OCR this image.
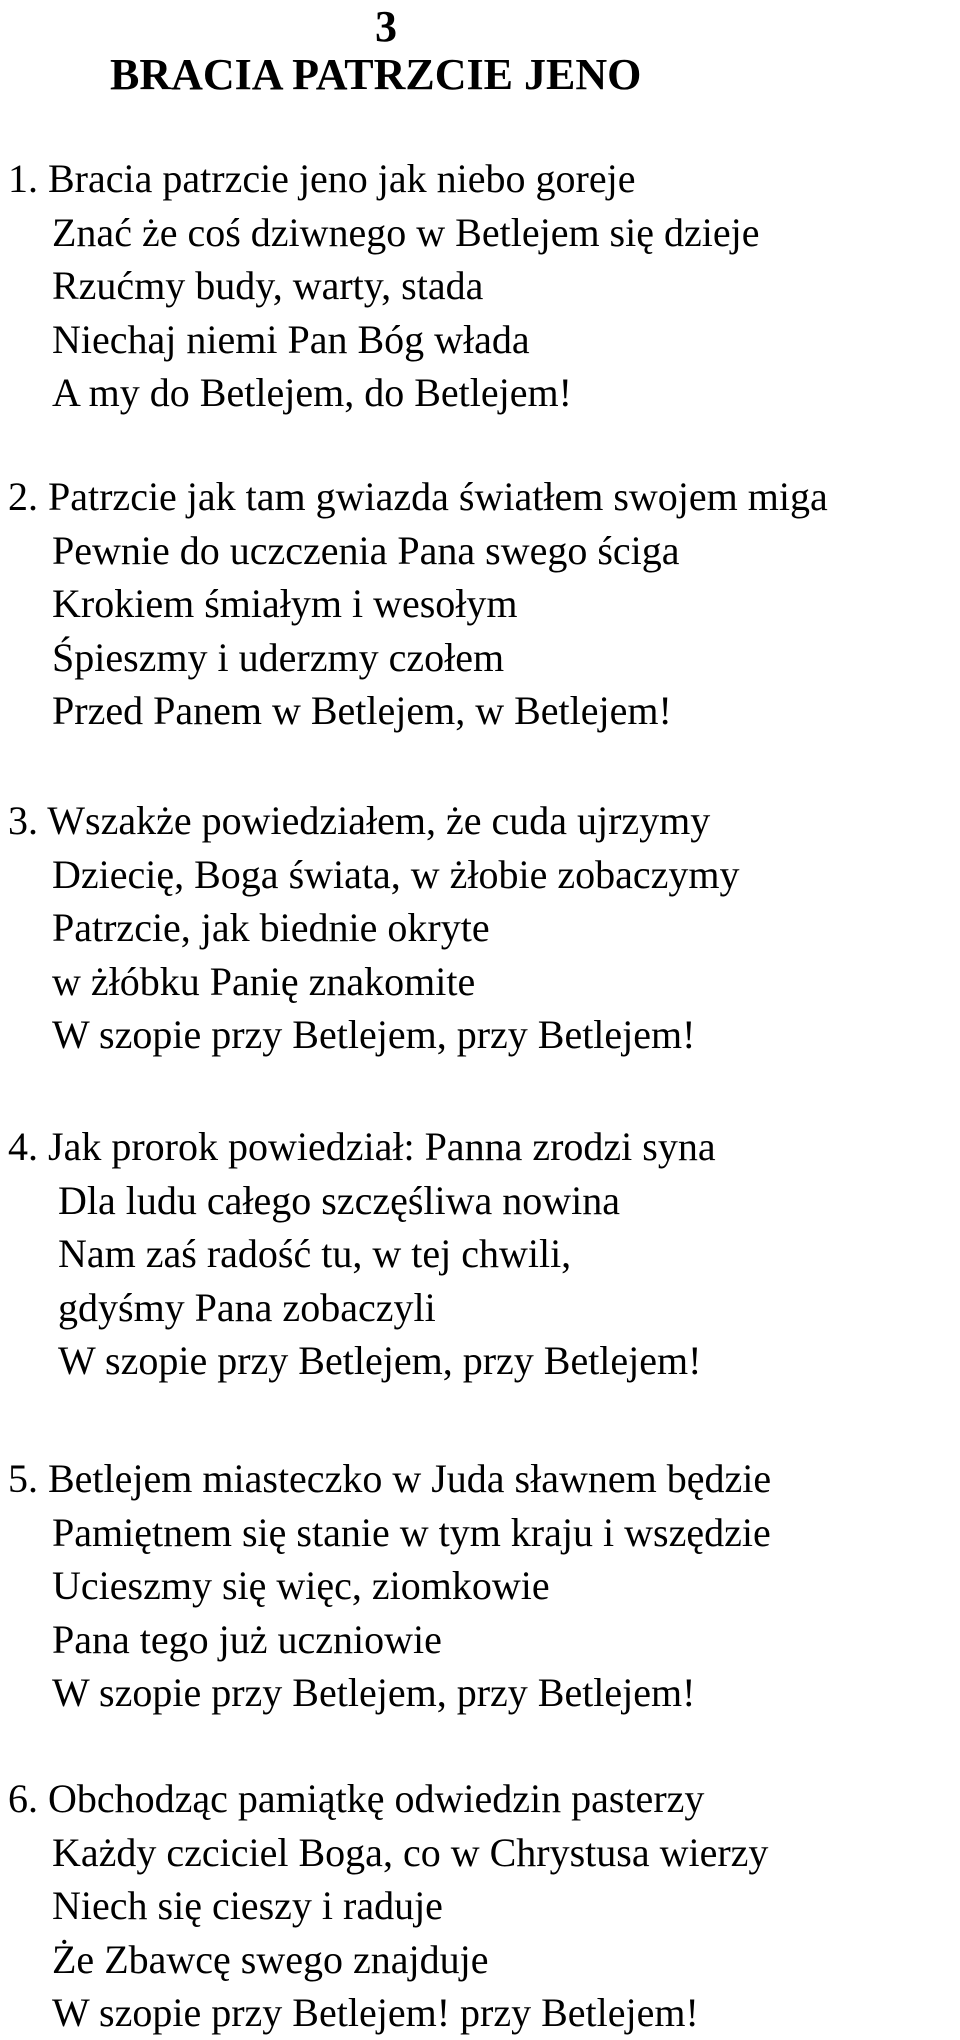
3
BRACIA PATRZCIE JENO
1. Bracia patrzcie jeno jak niebo goreje
Znać że coś dziwnego w Betlejem się dzieje
Rzućmy budy, warty, stada
Niechaj niemi Pan Bóg włada
A my do Betlejem, do Betlejem!
2. Patrzcie jak tam gwiazda światłem swojem miga
Pewnie do uczczenia Pana swego ściga
Krokiem śmiałym i wesołym
Śpieszmy i uderzmy czołem
Przed Panem w Betlejem, w Betlejem!
3. Wszakże powiedziałem, że cuda ujrzymy
Dziecię, Boga świata, w żłobie zobaczymy
Patrzcie, jak biednie okryte
w żłóbku Panię znakomite
W szopie przy Betlejem, przy Betlejem!
4. Jak prorok powiedział: Panna zrodzi syna
Dla ludu całego szczęśliwa nowina
Nam zaś radość tu, w tej chwili,
gdyśmy Pana zobaczyli
W szopie przy Betlejem, przy Betlejem!
5. Betlejem miasteczko w Juda sławnem będzie
Pamiętnem się stanie w tym kraju i wszędzie
Ucieszmy się więc, ziomkowie
Pana tego już uczniowie
W szopie przy Betlejem, przy Betlejem!
6. Obchodząc pamiątkę odwiedzin pasterzy
Każdy czciciel Boga, co w Chrystusa wierzy
Niech się cieszy i raduje
Że Zbawcę swego znajduje
W szopie przy Betlejem! przy Betlejem!
